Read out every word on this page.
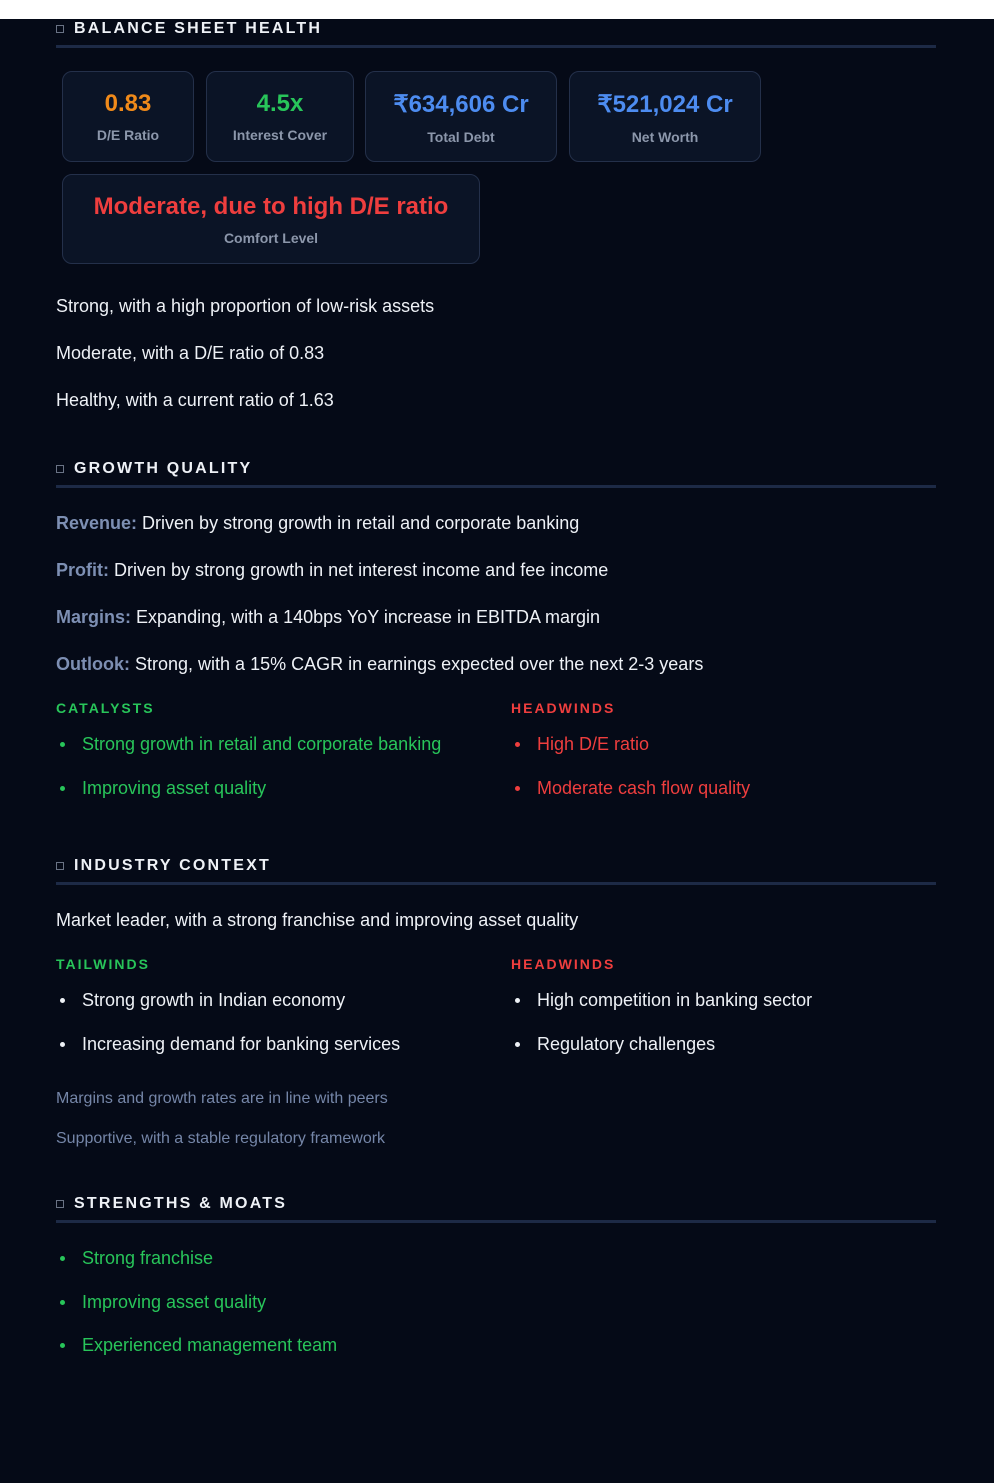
BALANCE SHEET HEALTH
0.83
D/E Ratio
4.5x
Interest Cover
₹634,606 Cr
Total Debt
₹521,024 Cr
Net Worth
Moderate, due to high D/E ratio
Comfort Level
Strong, with a high proportion of low-risk assets
Moderate, with a D/E ratio of 0.83
Healthy, with a current ratio of 1.63
GROWTH QUALITY
Revenue: Driven by strong growth in retail and corporate banking
Profit: Driven by strong growth in net interest income and fee income
Margins: Expanding, with a 140bps YoY increase in EBITDA margin
Outlook: Strong, with a 15% CAGR in earnings expected over the next 2-3 years
CATALYSTS
Strong growth in retail and corporate banking
Improving asset quality
HEADWINDS
High D/E ratio
Moderate cash flow quality
INDUSTRY CONTEXT
Market leader, with a strong franchise and improving asset quality
TAILWINDS
Strong growth in Indian economy
Increasing demand for banking services
HEADWINDS
High competition in banking sector
Regulatory challenges
Margins and growth rates are in line with peers
Supportive, with a stable regulatory framework
STRENGTHS & MOATS
Strong franchise
Improving asset quality
Experienced management team
